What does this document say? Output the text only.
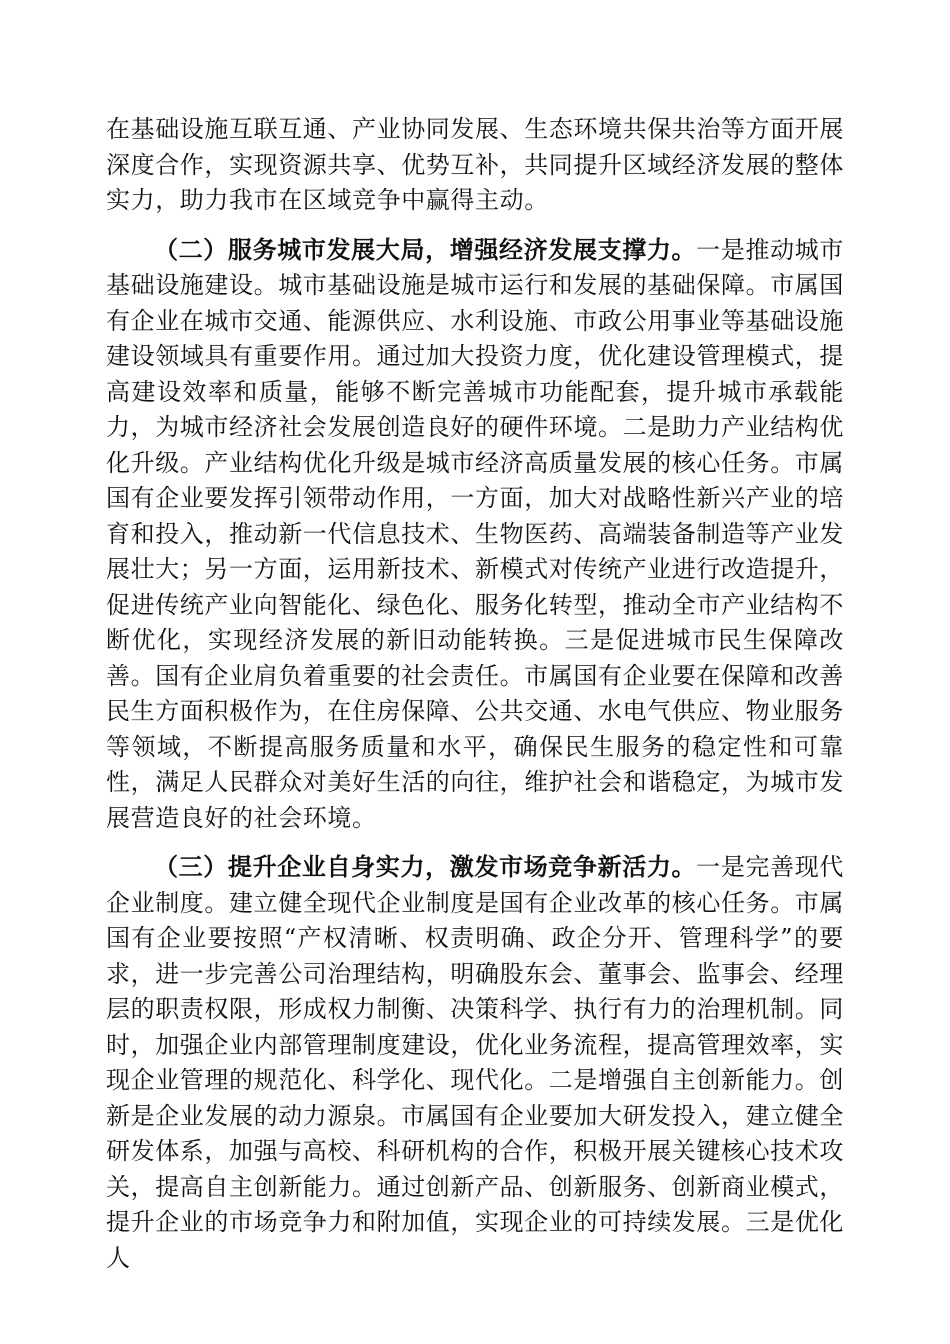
在基础设施互联互通、产业协同发展、生态环境共保共治等方面开展深度合作，实现资源共享、优势互补，共同提升区域经济发展的整体实力，助力我市在区域竞争中赢得主动。

（二）服务城市发展大局，增强经济发展支撑力。一是推动城市基础设施建设。城市基础设施是城市运行和发展的基础保障。市属国有企业在城市交通、能源供应、水利设施、市政公用事业等基础设施建设领域具有重要作用。通过加大投资力度，优化建设管理模式，提高建设效率和质量，能够不断完善城市功能配套，提升城市承载能力，为城市经济社会发展创造良好的硬件环境。二是助力产业结构优化升级。产业结构优化升级是城市经济高质量发展的核心任务。市属国有企业要发挥引领带动作用，一方面，加大对战略性新兴产业的培育和投入，推动新一代信息技术、生物医药、高端装备制造等产业发展壮大；另一方面，运用新技术、新模式对传统产业进行改造提升，促进传统产业向智能化、绿色化、服务化转型，推动全市产业结构不断优化，实现经济发展的新旧动能转换。三是促进城市民生保障改善。国有企业肩负着重要的社会责任。市属国有企业要在保障和改善民生方面积极作为，在住房保障、公共交通、水电气供应、物业服务等领域，不断提高服务质量和水平，确保民生服务的稳定性和可靠性，满足人民群众对美好生活的向往，维护社会和谐稳定，为城市发展营造良好的社会环境。

（三）提升企业自身实力，激发市场竞争新活力。一是完善现代企业制度。建立健全现代企业制度是国有企业改革的核心任务。市属国有企业要按照“产权清晰、权责明确、政企分开、管理科学”的要求，进一步完善公司治理结构，明确股东会、董事会、监事会、经理层的职责权限，形成权力制衡、决策科学、执行有力的治理机制。同时，加强企业内部管理制度建设，优化业务流程，提高管理效率，实现企业管理的规范化、科学化、现代化。二是增强自主创新能力。创新是企业发展的动力源泉。市属国有企业要加大研发投入，建立健全研发体系，加强与高校、科研机构的合作，积极开展关键核心技术攻关，提高自主创新能力。通过创新产品、创新服务、创新商业模式，提升企业的市场竞争力和附加值，实现企业的可持续发展。三是优化人
